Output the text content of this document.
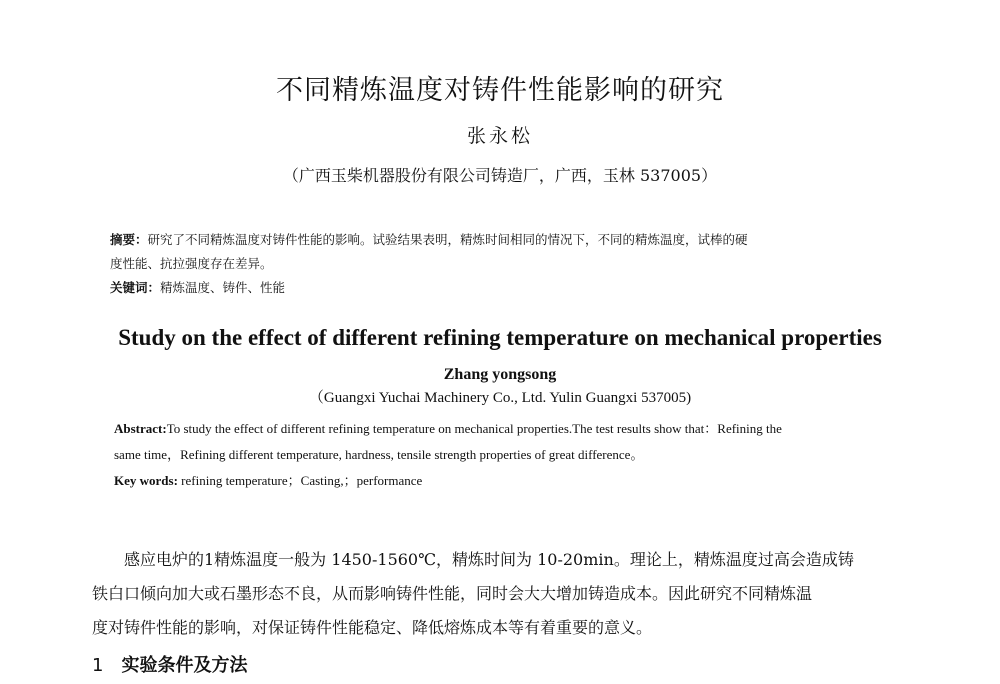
不同精炼温度对铸件性能影响的研究
张永松
（广西玉柴机器股份有限公司铸造厂，广西，玉林 537005）
摘要：研究了不同精炼温度对铸件性能的影响。试验结果表明，精炼时间相同的情况下，不同的精炼温度，试棒的硬
度性能、抗拉强度存在差异。
关键词：精炼温度、铸件、性能
Study on the effect of different refining temperature on mechanical properties
Zhang yongsong
（Guangxi Yuchai Machinery Co., Ltd. Yulin Guangxi 537005)
Abstract:To study the effect of different refining temperature on mechanical properties.The test results show that：Refining the
same time，Refining different temperature, hardness, tensile strength properties of great difference。
Key words: refining temperature；Casting,；performance
感应电炉的1精炼温度一般为 1450-1560℃，精炼时间为 10-20min。理论上，精炼温度过高会造成铸
铁白口倾向加大或石墨形态不良，从而影响铸件性能，同时会大大增加铸造成本。因此研究不同精炼温
度对铸件性能的影响，对保证铸件性能稳定、降低熔炼成本等有着重要的意义。
1 实验条件及方法
